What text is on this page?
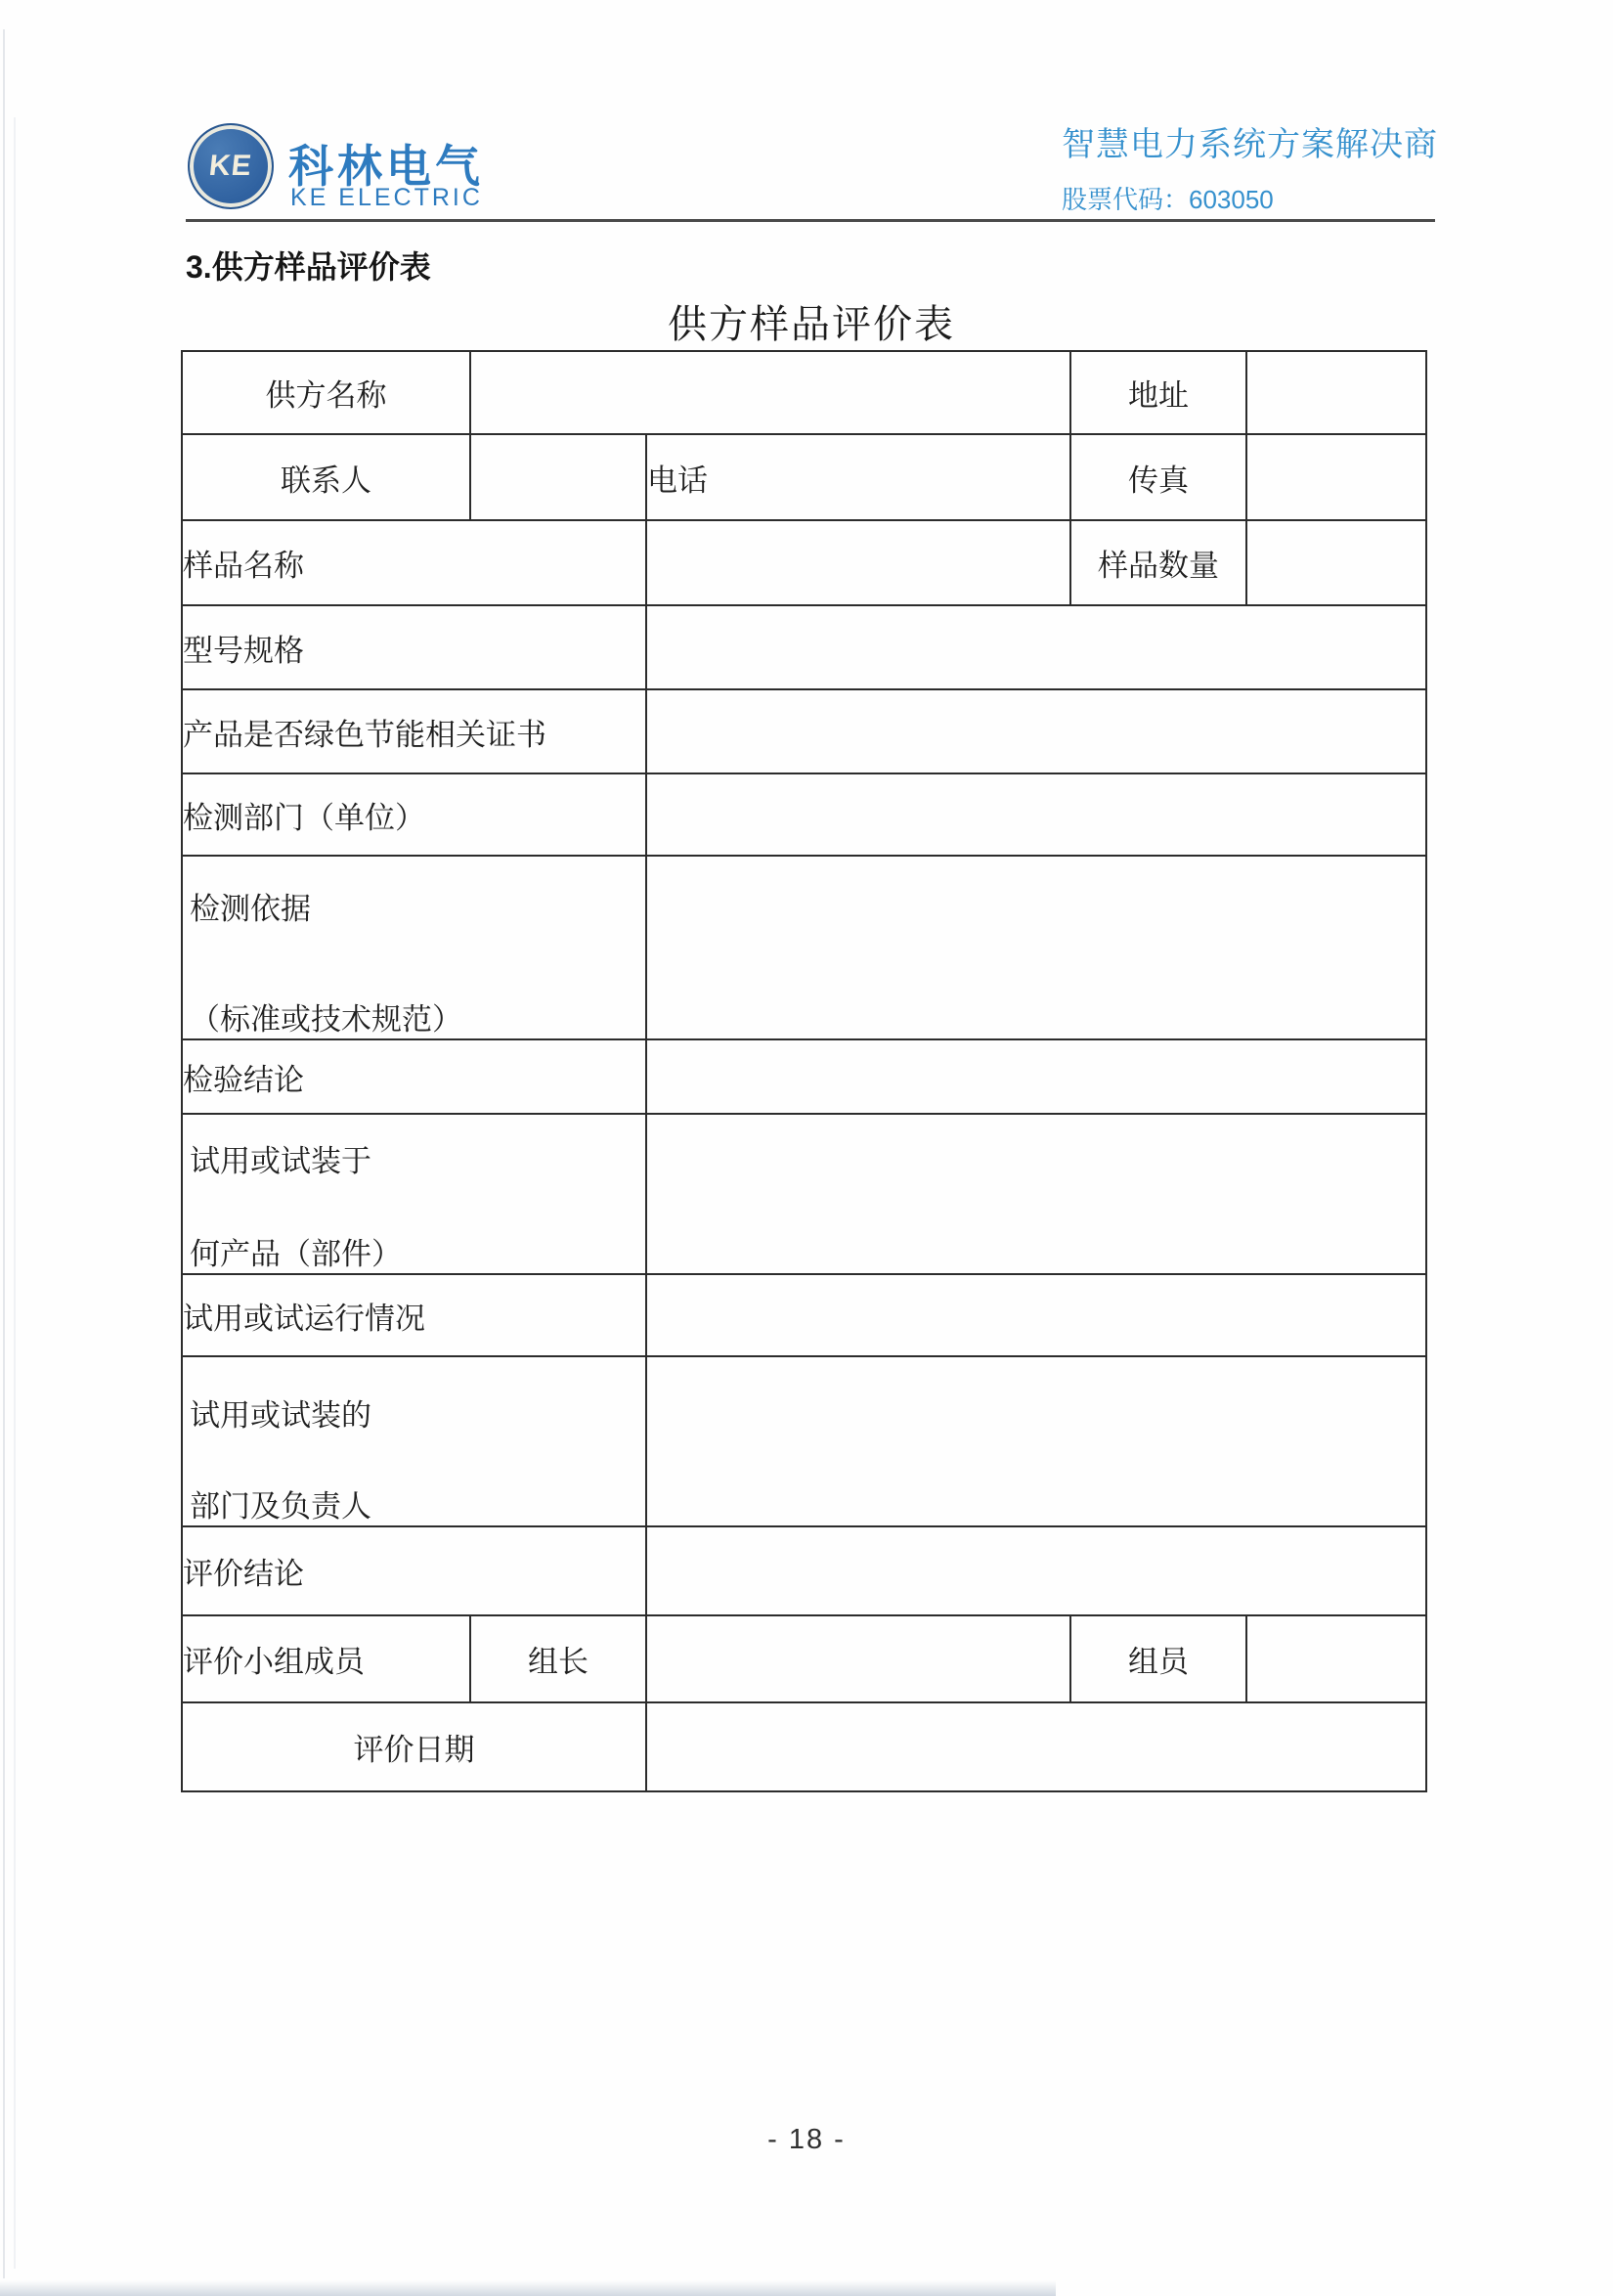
KE 科林电气
KE ELECTRIC
智慧电力系统方案解决商
股票代码：603050
3.供方样品评价表
供方样品评价表
供方名称			地址	
联系人		电话	传真	
样品名称			样品数量	
型号规格				
产品是否绿色节能相关证书				
检测部门（单位）				

检测依据
（标准或技术规范）				

检验结论				

试用或试装于
何产品（部件）				

试用或试运行情况				

试用或试装的
部门及负责人				

评价结论				
评价小组成员	组长		组员	
评价日期				
- 18 -
